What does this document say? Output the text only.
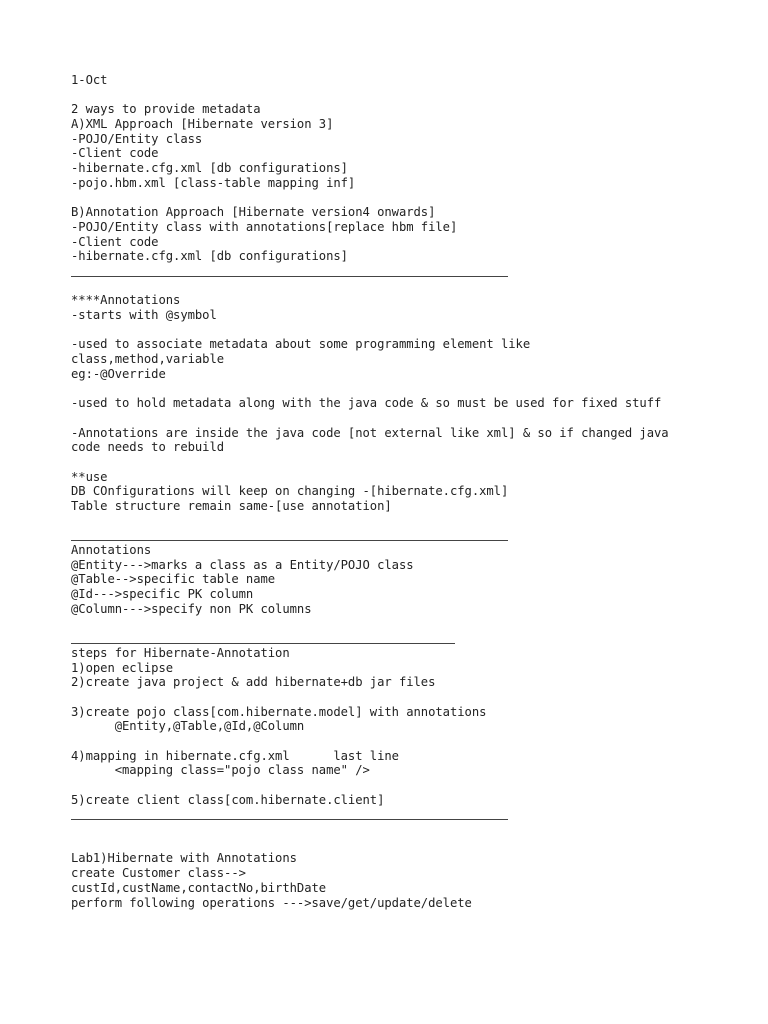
1-Oct
2 ways to provide metadata
A)XML Approach [Hibernate version 3]
-POJO/Entity class
-Client code
-hibernate.cfg.xml [db configurations]
-pojo.hbm.xml [class-table mapping inf]
B)Annotation Approach [Hibernate version4 onwards]
-POJO/Entity class with annotations[replace hbm file]
-Client code
-hibernate.cfg.xml [db configurations]
****Annotations
-starts with @symbol
-used to associate metadata about some programming element like
class,method,variable
eg:-@Override
-used to hold metadata along with the java code & so must be used for fixed stuff
-Annotations are inside the java code [not external like xml] & so if changed java
code needs to rebuild
**use
DB COnfigurations will keep on changing -[hibernate.cfg.xml]
Table structure remain same-[use annotation]
Annotations
@Entity--->marks a class as a Entity/POJO class
@Table-->specific table name
@Id--->specific PK column
@Column--->specify non PK columns
steps for Hibernate-Annotation
1)open eclipse
2)create java project & add hibernate+db jar files
3)create pojo class[com.hibernate.model] with annotations
@Entity,@Table,@Id,@Column
4)mapping in hibernate.cfg.xml      last line
<mapping class="pojo class name" />
5)create client class[com.hibernate.client]
Lab1)Hibernate with Annotations
create Customer class-->
custId,custName,contactNo,birthDate
perform following operations --->save/get/update/delete
